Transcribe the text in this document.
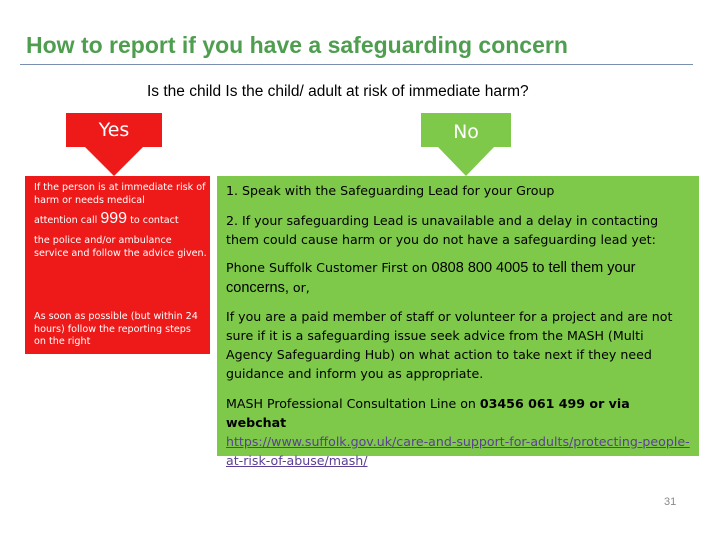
How to report if you have a safeguarding concern
Is the child Is the child/ adult at risk of immediate harm?
Yes	No
If the person is at immediate risk of harm or needs medical
attention call 999 to contact
the police and/or ambulance service and follow the advice given.
As soon as possible (but within 24 hours) follow the reporting steps on the right
1. Speak with the Safeguarding Lead for your Group
2. If your safeguarding Lead is unavailable and a delay in contacting them could cause harm or you do not have a safeguarding lead yet:
Phone Suffolk Customer First on 0808 800 4005 to tell them your concerns, or,
If you are a paid member of staff or volunteer for a project and are not sure if it is a safeguarding issue seek advice from the MASH (Multi Agency Safeguarding Hub) on what action to take next if they need guidance and inform you as appropriate.
MASH Professional Consultation Line on 03456 061 499 or via webchat
https://www.suffolk.gov.uk/care-and-support-for-adults/protecting-people-at-risk-of-abuse/mash/
31
